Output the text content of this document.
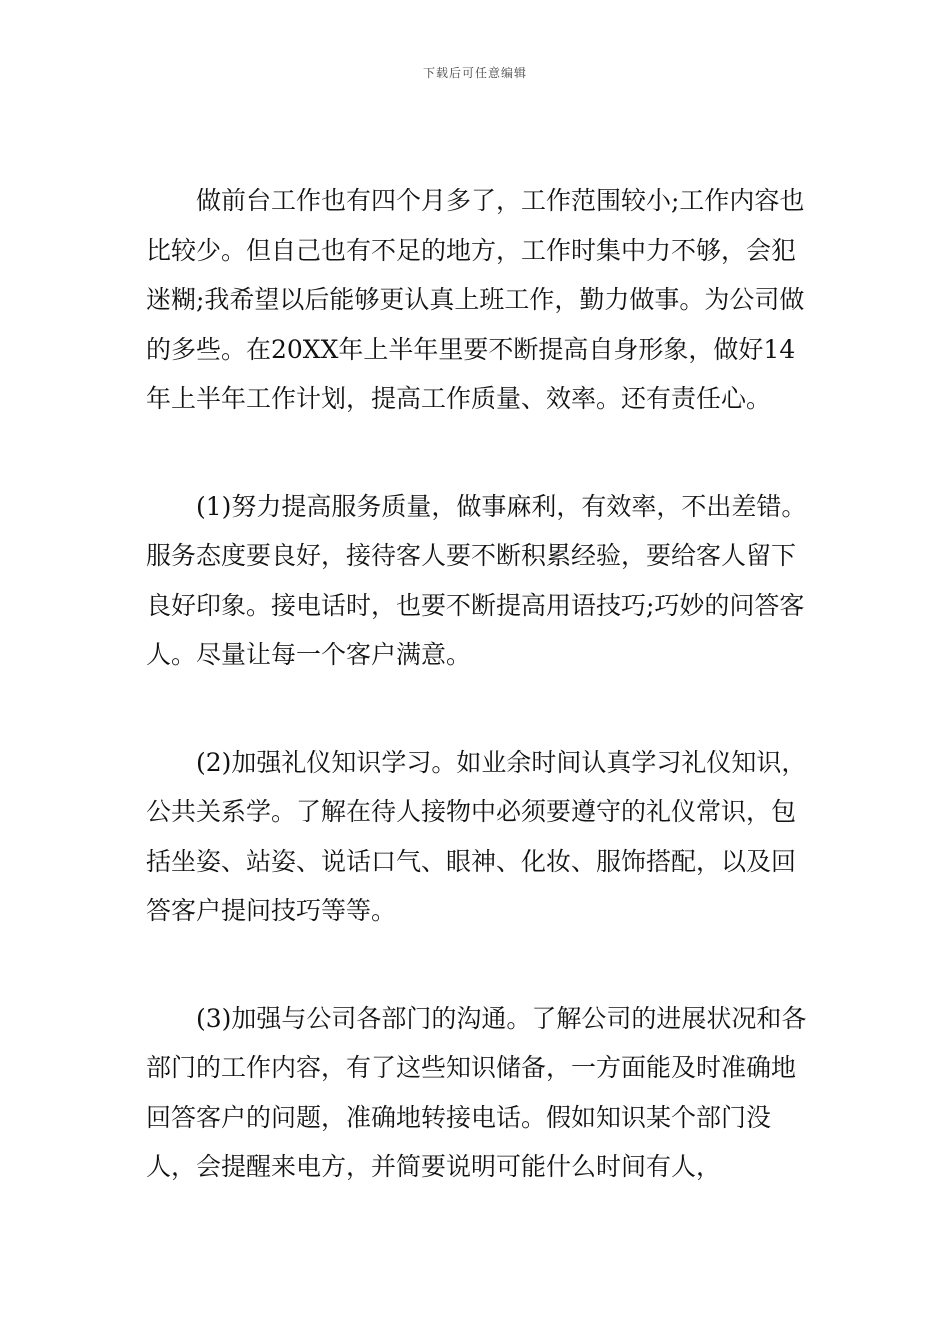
下载后可任意编辑

做前台工作也有四个月多了，工作范围较小;工作内容也比较少。但自己也有不足的地方，工作时集中力不够，会犯迷糊;我希望以后能够更认真上班工作，勤力做事。为公司做的多些。在20XX年上半年里要不断提高自身形象，做好14年上半年工作计划，提高工作质量、效率。还有责任心。

(1)努力提高服务质量，做事麻利，有效率，不出差错。服务态度要良好，接待客人要不断积累经验，要给客人留下良好印象。接电话时，也要不断提高用语技巧;巧妙的问答客人。尽量让每一个客户满意。

(2)加强礼仪知识学习。如业余时间认真学习礼仪知识，公共关系学。了解在待人接物中必须要遵守的礼仪常识，包括坐姿、站姿、说话口气、眼神、化妆、服饰搭配，以及回答客户提问技巧等等。

(3)加强与公司各部门的沟通。了解公司的进展状况和各部门的工作内容，有了这些知识储备，一方面能及时准确地回答客户的问题，准确地转接电话。假如知识某个部门没人，会提醒来电方，并简要说明可能什么时间有人，
